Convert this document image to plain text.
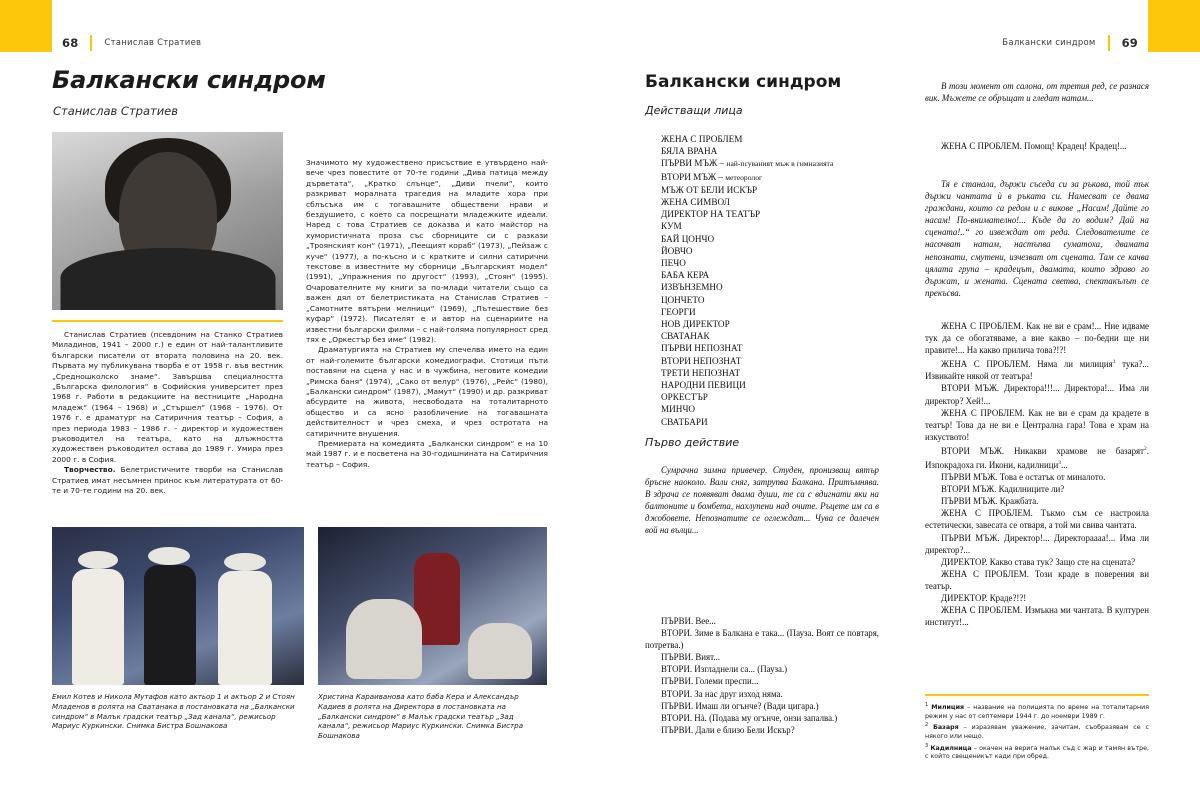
68	Станислав Стратиев	69
Балкански синдром
Балкански синдром
Станислав Стратиев

Станислав Стратиев (псевдоним на Станко Стратиев Миладинов, 1941 – 2000 г.) е един от най-талантливите български писатели от втората половина на 20. век. Първата му публикувана творба е от 1958 г. във вестник „Средношколско знаме“. Завършва специалността „Българска филология“ в Софийския университет през 1968 г. Работи в редакциите на вестниците „Народна младеж“ (1964 – 1968) и „Стършел“ (1968 – 1976). От 1976 г. е драматург на Сатиричния театър – София, а през периода 1983 – 1986 г. – директор и художествен ръководител на театъра, като на длъжността художествен ръководител остава до 1989 г. Умира през 2000 г. в София.

Творчество. Белетристичните творби на Станислав Стратиев имат несъмнен принос към литературата от 60-те и 70-те години на 20. век.

Значимото му художествено присъствие е утвърдено най-вече чрез повестите от 70-те години „Дива патица между дърветата“, „Кратко слънце“, „Диви пчели“, които разкриват моралната трагедия на младите хора при сблъсъка им с тогавашните обществени нрави и бездушието, с което са посрещнати младежките идеали. Наред с това Стратиев се доказва и като майстор на хумористичната проза със сборниците си с разкази „Троянският кон“ (1971), „Пеещият кораб“ (1973), „Пейзаж с куче“ (1977), а по-късно и с кратките и силни сатирични текстове в известните му сборници „Българският модел“ (1991), „Упражнения по другост“ (1993), „Стоян“ (1995). Очарователните му книги за по-млади читатели също са важен дял от белетристиката на Станислав Стратиев – „Самотните вятърни мелници“ (1969), „Пътешествие без куфар“ (1972). Писателят е и автор на сценариите на известни български филми – с най-голяма популярност сред тях е „Оркестър без име“ (1982).

Драматургията на Стратиев му спечелва името на един от най-големите български комедиографи. Стотици пъти поставяни на сцена у нас и в чужбина, неговите комедии „Римска баня“ (1974), „Сако от велур“ (1976), „Рейс“ (1980), „Балкански синдром“ (1987), „Мамут“ (1990) и др. разкриват абсурдите на живота, несвободата на тоталитарното общество и са ясно разобличение на тогавашната действителност и чрез смеха, и чрез остротата на сатиричните внушения.

Премиерата на комедията „Балкански синдром“ е на 10 май 1987 г. и е посветена на 30-годишнината на Сатиричния театър – София.

Емил Котев и Никола Мутафов като актьор 1 и актьор 2 и Стоян Младенов в ролята на Сватанака в постановката на „Балкански синдром“ в Малък градски театър „Зад канала“, режисьор Мариус Куркински. Снимка Бистра Бошнакова
Христина Караиванова като баба Кера и Александър Кадиев в ролята на Директора в постановката на „Балкански синдром“ в Малък градски театър „Зад канала“, режисьор Мариус Куркински. Снимка Бистра Бошнакова
Балкански синдром
Действащи лица

ЖЕНА С ПРОБЛЕМ

БЯЛА ВРАНА

ПЪРВИ МЪЖ – най-псуваният мъж в гимназията

ВТОРИ МЪЖ – метеоролог

МЪЖ ОТ БЕЛИ ИСКЪР

ЖЕНА СИМВОЛ

ДИРЕКТОР НА ТЕАТЪР

КУМ

БАЙ ЦОНЧО

ЙОВЧО

ПЕЧО

БАБА КЕРА

ИЗВЪНЗЕМНО

ЦОНЧЕТО

ГЕОРГИ

НОВ ДИРЕКТОР

СВАТАНАК

ПЪРВИ НЕПОЗНАТ

ВТОРИ НЕПОЗНАТ

ТРЕТИ НЕПОЗНАТ

НАРОДНИ ПЕВИЦИ

ОРКЕСТЪР

МИНЧО

СВАТБАРИ

Първо действие

Сумрачна зимна привечер. Студен, пронизващ вятър бръсне наоколо. Вали сняг, затрупва Балкана. Притъмнява. В здрача се появяват двама души, те са с вдигнати яки на балтоните и бомбета, нахлупени над очите. Ръцете им са в джобовете. Непознатите се оглеждат... Чува се далечен вой на вълци...

ПЪРВИ. Вее...

ВТОРИ. Зиме в Балкана е така... (Пауза. Воят се повтаря, потретва.)

ПЪРВИ. Вият...

ВТОРИ. Изгладнели са... (Пауза.)

ПЪРВИ. Големи преспи...

ВТОРИ. За нас друг изход няма.

ПЪРВИ. Имаш ли огънче? (Вади цигара.)

ВТОРИ. Нà. (Подава му огънче, онзи запалва.)

ПЪРВИ. Дали е близо Бели Искър?

В този момент от салона, от третия ред, се разнася вик. Мъжете се обръщат и гледат натам...

ЖЕНА С ПРОБЛЕМ. Помощ! Крадец! Крадец!...

Тя е станала, държи съседа си за ръкава, той тък държи чантата ѝ в ръката си. Намесват се двама граждани, които са редом и с викове „Насам! Дайте го насам! По-внимателно!... Къде да го водим? Дай на сцената!..“ го извеждат от реда. Следователите се насочват натам, настъпва суматоха, двамата непознати, смутени, изчезват от сцената. Там се качва цялата група – крадецът, двамата, които здраво го държат, и жената. Сцената светва, спектакълът се прекъсва.

ЖЕНА С ПРОБЛЕМ. Как не ви е срам!... Ние идваме тук да се обогатяваме, а вие какво – по-бедни ще ни правите!... На какво прилича това?!?!

ЖЕНА С ПРОБЛЕМ. Няма ли милиция$^1$ тука?... Извикайте някой от театъра!

ВТОРИ МЪЖ. Директора!!!... Директора!... Има ли директор? Хей!...

ЖЕНА С ПРОБЛЕМ. Как не ви е срам да крадете в театър! Това да не ви е Централна гара! Това е храм на изкуството!

ВТОРИ МЪЖ. Никакви храмове не базарят$^2$. Изпокрадоха ги. Икони, кадилници$^3$...

ПЪРВИ МЪЖ. Това е остатък от миналото.

ВТОРИ МЪЖ. Кадилниците ли?

ПЪРВИ МЪЖ. Кражбата.

ЖЕНА С ПРОБЛЕМ. Тъкмо съм се настроила естетически, завесата се отваря, а той ми свива чантата.

ПЪРВИ МЪЖ. Директор!... Директорааaа!... Има ли директор?...

ДИРЕКТОР. Какво става тук? Защо сте на сцената?

ЖЕНА С ПРОБЛЕМ. Този краде в поверения ви театър.

ДИРЕКТОР. Краде?!?!

ЖЕНА С ПРОБЛЕМ. Измъкна ми чантата. В културен институт!...

$^1$ Милиция – название на полицията по време на тоталитарния режим у нас от септември 1944 г. до ноември 1989 г.

$^2$ Базаря – изразявам уважение, зачитам, съобразявам се с някого или нещо.

$^3$ Кадилница – окачен на верига малък съд с жар и тамян вътре, с който свещеникът кади при обред.
